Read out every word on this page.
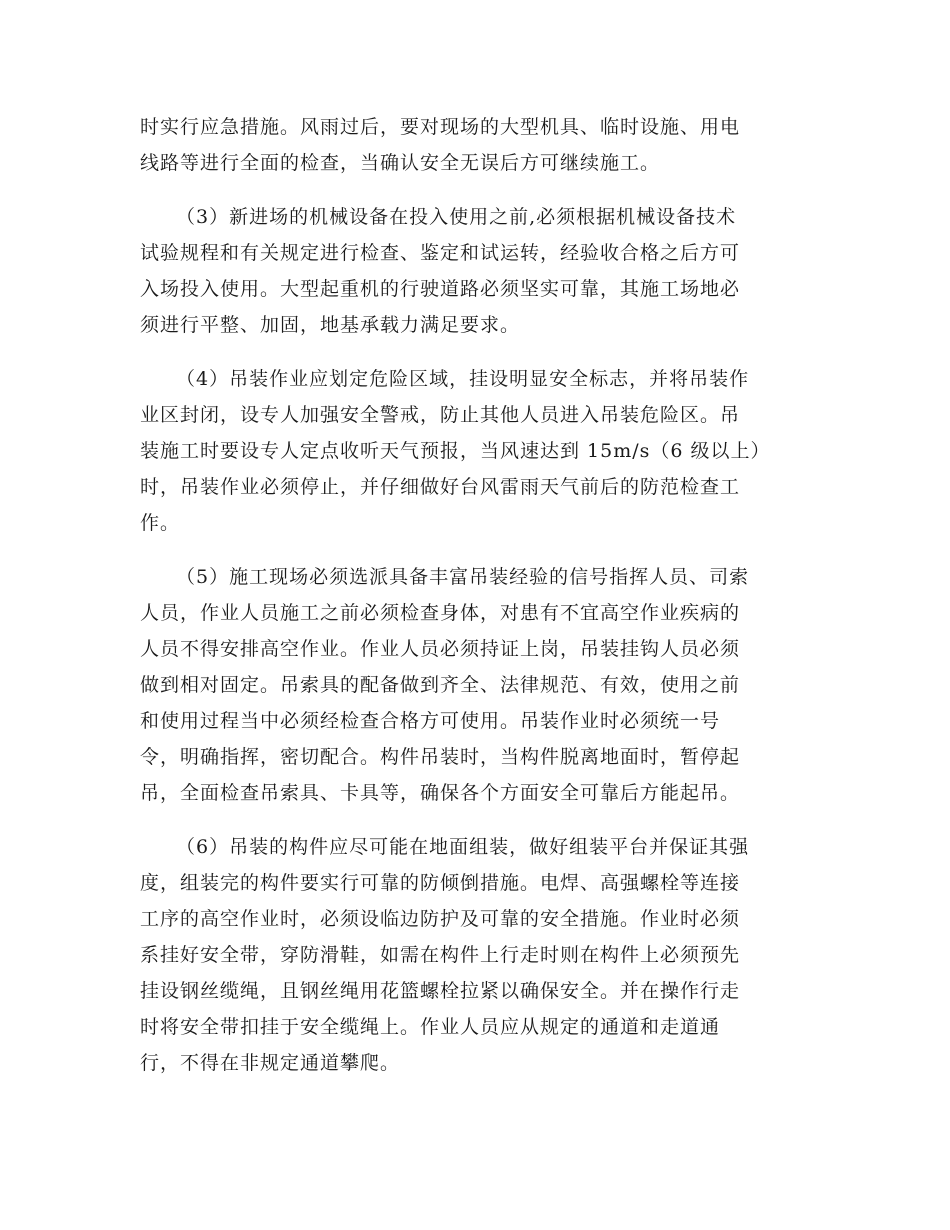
时实行应急措施。风雨过后，要对现场的大型机具、临时设施、用电
线路等进行全面的检查，当确认安全无误后方可继续施工。
（3）新进场的机械设备在投入使用之前,必须根据机械设备技术
试验规程和有关规定进行检查、鉴定和试运转，经验收合格之后方可
入场投入使用。大型起重机的行驶道路必须坚实可靠，其施工场地必
须进行平整、加固，地基承载力满足要求。
（4）吊装作业应划定危险区域，挂设明显安全标志，并将吊装作
业区封闭，设专人加强安全警戒，防止其他人员进入吊装危险区。吊
装施工时要设专人定点收听天气预报，当风速达到 15m/s（6 级以上）
时，吊装作业必须停止，并仔细做好台风雷雨天气前后的防范检查工
作。
（5）施工现场必须选派具备丰富吊装经验的信号指挥人员、司索
人员，作业人员施工之前必须检查身体，对患有不宜高空作业疾病的
人员不得安排高空作业。作业人员必须持证上岗，吊装挂钩人员必须
做到相对固定。吊索具的配备做到齐全、法律规范、有效，使用之前
和使用过程当中必须经检查合格方可使用。吊装作业时必须统一号
令，明确指挥，密切配合。构件吊装时，当构件脱离地面时，暂停起
吊，全面检查吊索具、卡具等，确保各个方面安全可靠后方能起吊。
（6）吊装的构件应尽可能在地面组装，做好组装平台并保证其强
度，组装完的构件要实行可靠的防倾倒措施。电焊、高强螺栓等连接
工序的高空作业时，必须设临边防护及可靠的安全措施。作业时必须
系挂好安全带，穿防滑鞋，如需在构件上行走时则在构件上必须预先
挂设钢丝缆绳，且钢丝绳用花篮螺栓拉紧以确保安全。并在操作行走
时将安全带扣挂于安全缆绳上。作业人员应从规定的通道和走道通
行，不得在非规定通道攀爬。
